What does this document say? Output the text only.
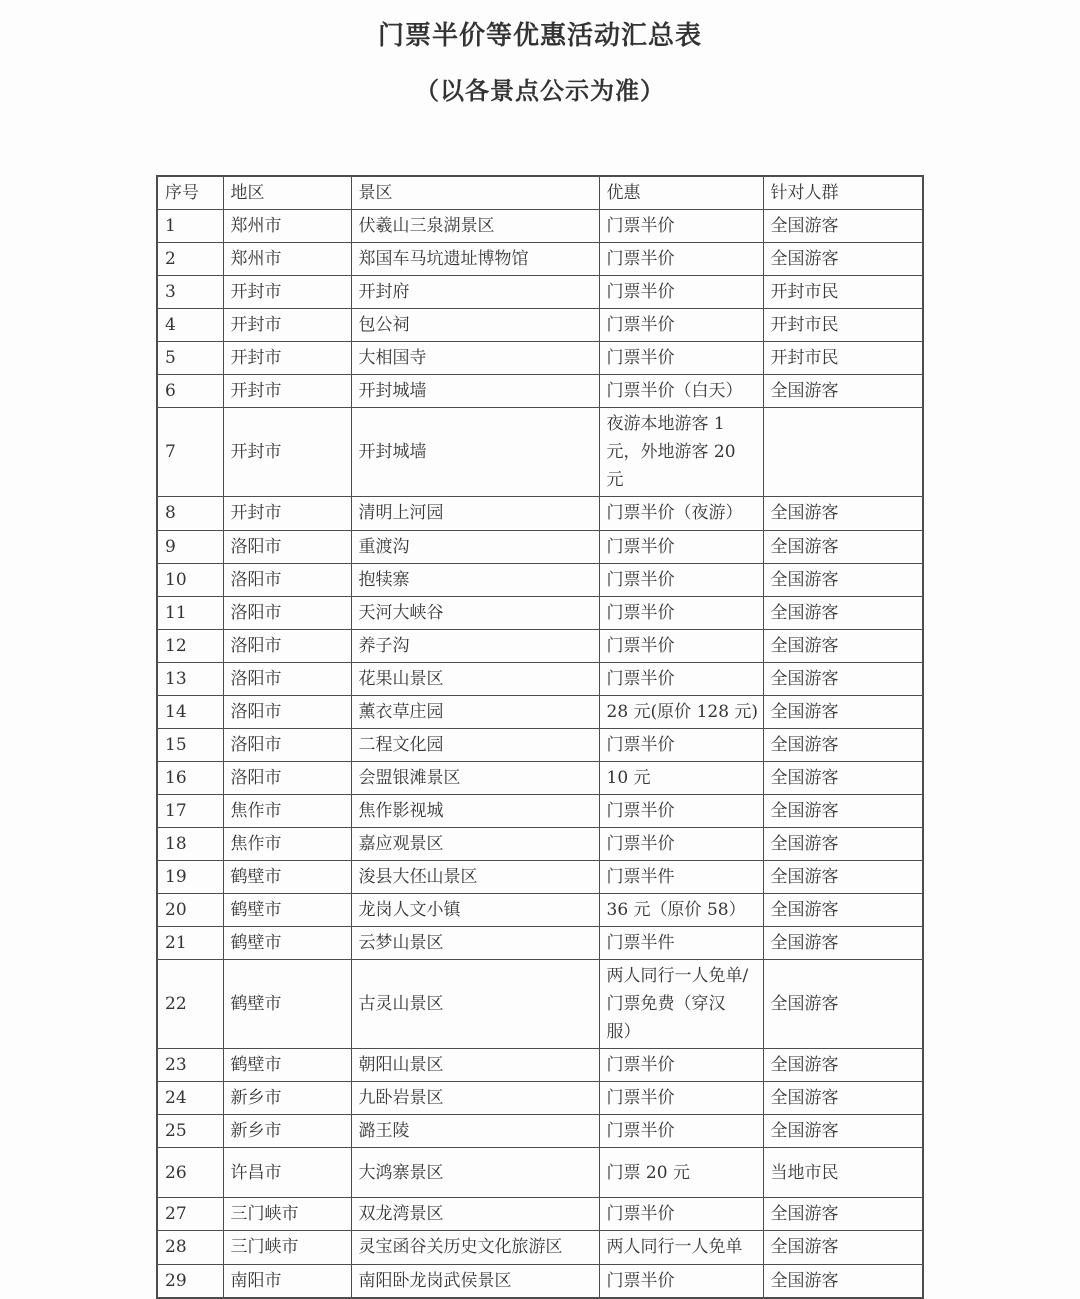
门票半价等优惠活动汇总表
（以各景点公示为准）
序号	地区	景区	优惠	针对人群
1	郑州市	伏羲山三泉湖景区	门票半价	全国游客
2	郑州市	郑国车马坑遗址博物馆	门票半价	全国游客
3	开封市	开封府	门票半价	开封市民
4	开封市	包公祠	门票半价	开封市民
5	开封市	大相国寺	门票半价	开封市民
6	开封市	开封城墙	门票半价（白天）	全国游客
7	开封市	开封城墙	夜游本地游客 1 元，外地游客 20 元	
8	开封市	清明上河园	门票半价（夜游）	全国游客
9	洛阳市	重渡沟	门票半价	全国游客
10	洛阳市	抱犊寨	门票半价	全国游客
11	洛阳市	天河大峡谷	门票半价	全国游客
12	洛阳市	养子沟	门票半价	全国游客
13	洛阳市	花果山景区	门票半价	全国游客
14	洛阳市	薰衣草庄园	28 元(原价 128 元)	全国游客
15	洛阳市	二程文化园	门票半价	全国游客
16	洛阳市	会盟银滩景区	10 元	全国游客
17	焦作市	焦作影视城	门票半价	全国游客
18	焦作市	嘉应观景区	门票半价	全国游客
19	鹤壁市	浚县大伾山景区	门票半件	全国游客
20	鹤壁市	龙岗人文小镇	36 元（原价 58）	全国游客
21	鹤壁市	云梦山景区	门票半件	全国游客
22	鹤壁市	古灵山景区	两人同行一人免单/门票免费（穿汉服）	全国游客
23	鹤壁市	朝阳山景区	门票半价	全国游客
24	新乡市	九卧岩景区	门票半价	全国游客
25	新乡市	潞王陵	门票半价	全国游客
26	许昌市	大鸿寨景区	门票 20 元	当地市民
27	三门峡市	双龙湾景区	门票半价	全国游客
28	三门峡市	灵宝函谷关历史文化旅游区	两人同行一人免单	全国游客
29	南阳市	南阳卧龙岗武侯景区	门票半价	全国游客
